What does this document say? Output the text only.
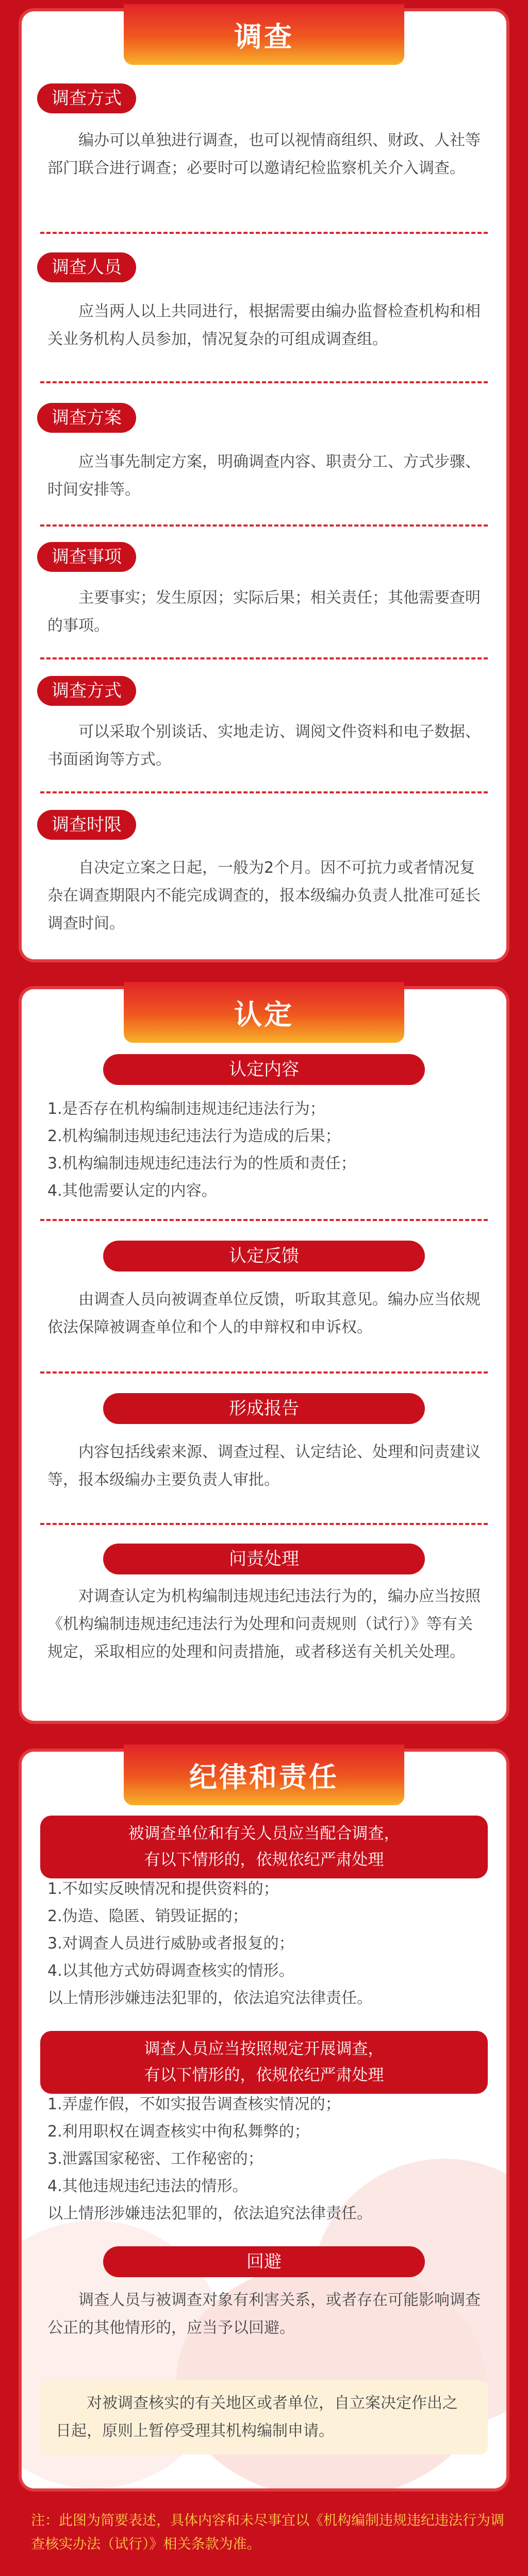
调查
调查方式
编办可以单独进行调查，也可以视情商组织、财政、人社等部门联合进行调查；必要时可以邀请纪检监察机关介入调查。
调查人员
应当两人以上共同进行，根据需要由编办监督检查机构和相关业务机构人员参加，情况复杂的可组成调查组。
调查方案
应当事先制定方案，明确调查内容、职责分工、方式步骤、时间安排等。
调查事项
主要事实；发生原因；实际后果；相关责任；其他需要查明的事项。
调查方式
可以采取个别谈话、实地走访、调阅文件资料和电子数据、书面函询等方式。
调查时限
自决定立案之日起，一般为2个月。因不可抗力或者情况复杂在调查期限内不能完成调查的，报本级编办负责人批准可延长调查时间。
认定
认定内容
1.是否存在机构编制违规违纪违法行为；
2.机构编制违规违纪违法行为造成的后果；
3.机构编制违规违纪违法行为的性质和责任；
4.其他需要认定的内容。
认定反馈
由调查人员向被调查单位反馈，听取其意见。编办应当依规依法保障被调查单位和个人的申辩权和申诉权。
形成报告
内容包括线索来源、调查过程、认定结论、处理和问责建议等，报本级编办主要负责人审批。
问责处理
对调查认定为机构编制违规违纪违法行为的，编办应当按照《机构编制违规违纪违法行为处理和问责规则（试行）》等有关规定，采取相应的处理和问责措施，或者移送有关机关处理。
纪律和责任
被调查单位和有关人员应当配合调查，
有以下情形的，依规依纪严肃处理
1.不如实反映情况和提供资料的；
2.伪造、隐匿、销毁证据的；
3.对调查人员进行威胁或者报复的；
4.以其他方式妨碍调查核实的情形。
以上情形涉嫌违法犯罪的，依法追究法律责任。
调查人员应当按照规定开展调查，
有以下情形的，依规依纪严肃处理
1.弄虚作假，不如实报告调查核实情况的；
2.利用职权在调查核实中徇私舞弊的；
3.泄露国家秘密、工作秘密的；
4.其他违规违纪违法的情形。
以上情形涉嫌违法犯罪的，依法追究法律责任。
回避
调查人员与被调查对象有利害关系，或者存在可能影响调查公正的其他情形的，应当予以回避。
对被调查核实的有关地区或者单位，自立案决定作出之日起，原则上暂停受理其机构编制申请。
注：此图为简要表述，具体内容和未尽事宜以《机构编制违规违纪违法行为调查核实办法（试行）》相关条款为准。
